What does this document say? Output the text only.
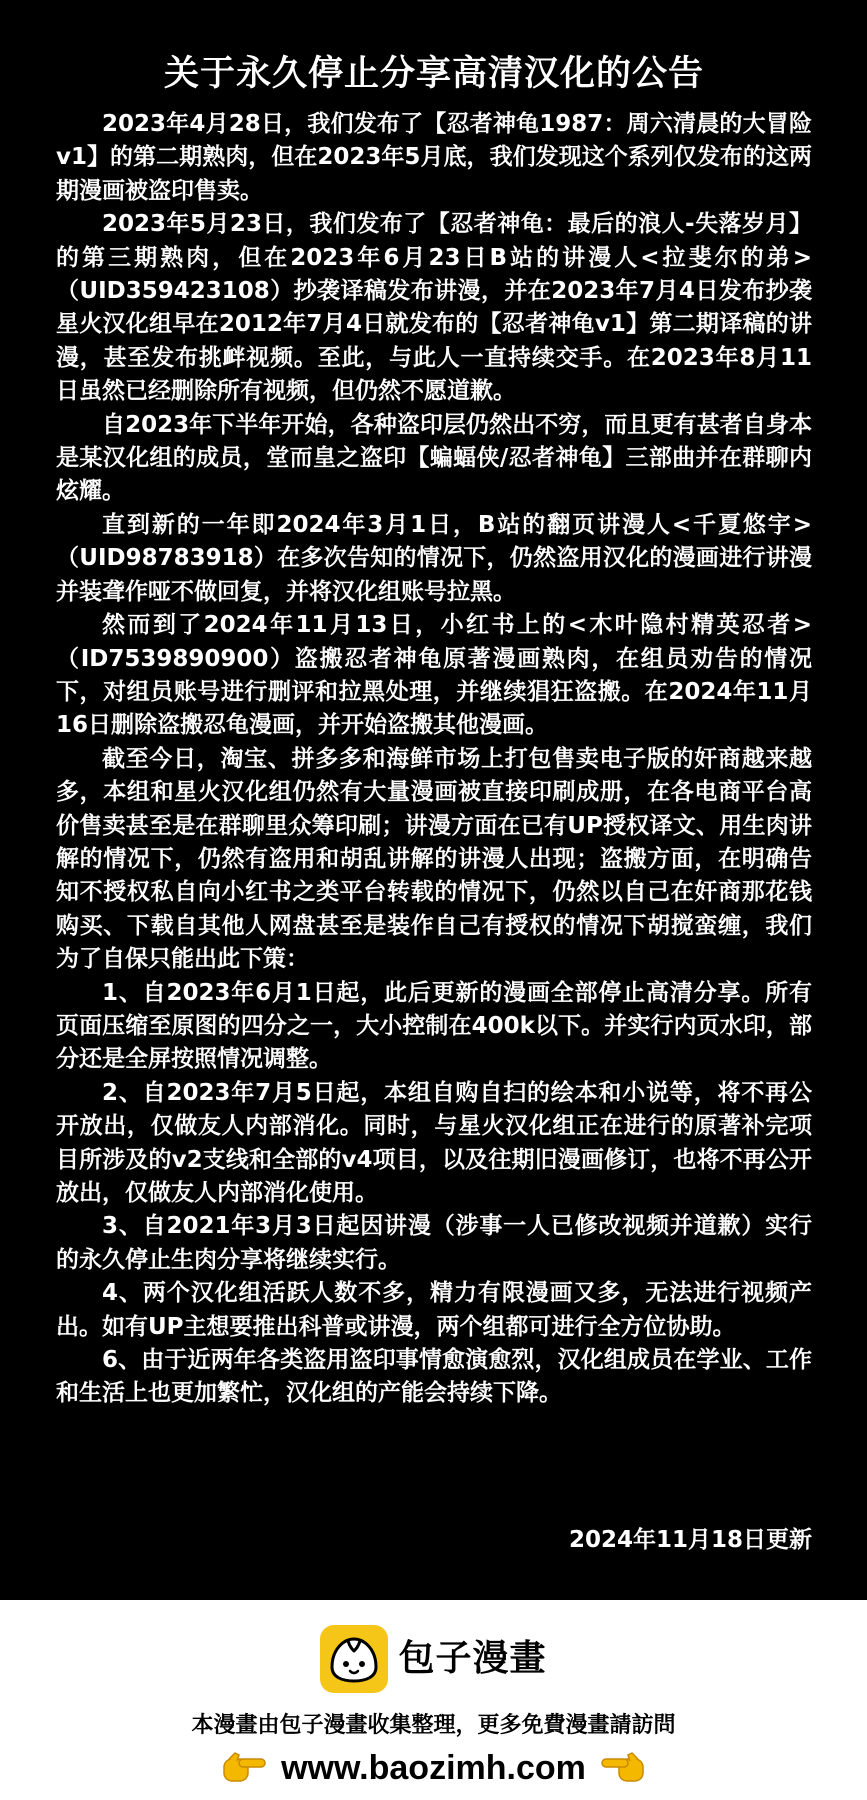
关于永久停止分享高清汉化的公告

2023年4月28日，我们发布了【忍者神龟1987：周六清晨的大冒险v1】的第二期熟肉，但在2023年5月底，我们发现这个系列仅发布的这两期漫画被盗印售卖。

2023年5月23日，我们发布了【忍者神龟：最后的浪人-失落岁月】的第三期熟肉，但在2023年6月23日B站的讲漫人<拉斐尔的弟>（UID359423108）抄袭译稿发布讲漫，并在2023年7月4日发布抄袭星火汉化组早在2012年7月4日就发布的【忍者神龟v1】第二期译稿的讲漫，甚至发布挑衅视频。至此，与此人一直持续交手。在2023年8月11日虽然已经删除所有视频，但仍然不愿道歉。

自2023年下半年开始，各种盗印层仍然出不穷，而且更有甚者自身本是某汉化组的成员，堂而皇之盗印【蝙蝠侠/忍者神龟】三部曲并在群聊内炫耀。

直到新的一年即2024年3月1日，B站的翻页讲漫人<千夏悠宇>（UID98783918）在多次告知的情况下，仍然盗用汉化的漫画进行讲漫并装聋作哑不做回复，并将汉化组账号拉黑。

然而到了2024年11月13日，小红书上的<木叶隐村精英忍者>（ID7539890900）盗搬忍者神龟原著漫画熟肉，在组员劝告的情况下，对组员账号进行删评和拉黑处理，并继续猖狂盗搬。在2024年11月16日删除盗搬忍龟漫画，并开始盗搬其他漫画。

截至今日，淘宝、拼多多和海鲜市场上打包售卖电子版的奸商越来越多，本组和星火汉化组仍然有大量漫画被直接印刷成册，在各电商平台高价售卖甚至是在群聊里众筹印刷；讲漫方面在已有UP授权译文、用生肉讲解的情况下，仍然有盗用和胡乱讲解的讲漫人出现；盗搬方面，在明确告知不授权私自向小红书之类平台转载的情况下，仍然以自己在奸商那花钱购买、下载自其他人网盘甚至是装作自己有授权的情况下胡搅蛮缠，我们为了自保只能出此下策：

1、自2023年6月1日起，此后更新的漫画全部停止高清分享。所有页面压缩至原图的四分之一，大小控制在400k以下。并实行内页水印，部分还是全屏按照情况调整。

2、自2023年7月5日起，本组自购自扫的绘本和小说等，将不再公开放出，仅做友人内部消化。同时，与星火汉化组正在进行的原著补完项目所涉及的v2支线和全部的v4项目，以及往期旧漫画修订，也将不再公开放出，仅做友人内部消化使用。

3、自2021年3月3日起因讲漫（涉事一人已修改视频并道歉）实行的永久停止生肉分享将继续实行。

4、两个汉化组活跃人数不多，精力有限漫画又多，无法进行视频产出。如有UP主想要推出科普或讲漫，两个组都可进行全方位协助。

6、由于近两年各类盗用盗印事情愈演愈烈，汉化组成员在学业、工作和生活上也更加繁忙，汉化组的产能会持续下降。

2024年11月18日更新
包子漫畫
本漫畫由包子漫畫收集整理，更多免費漫畫請訪問
www.baozimh.com
